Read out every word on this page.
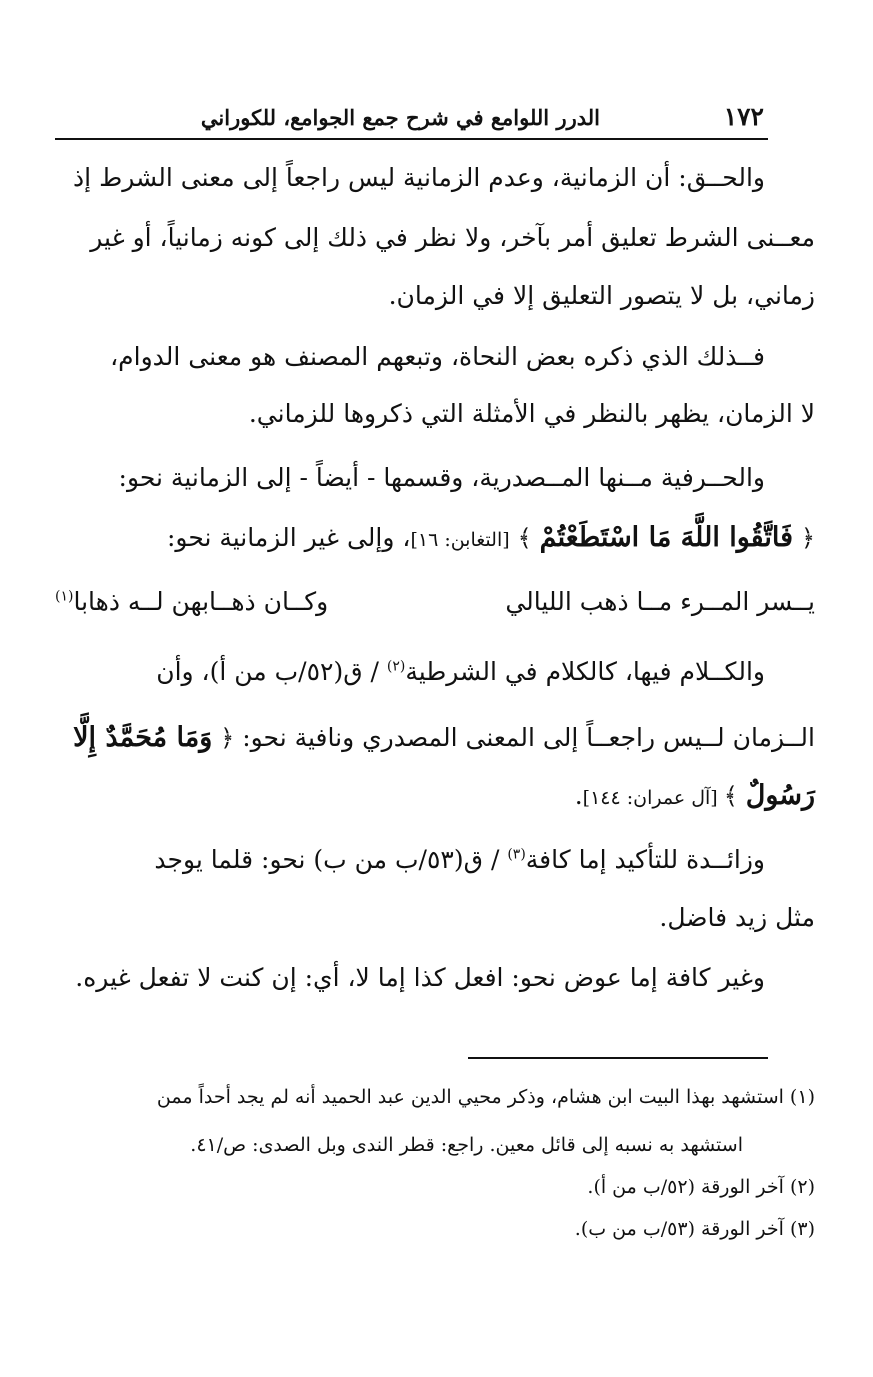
١٧٢
الدرر اللوامع في شرح جمع الجوامع، للكوراني
والحــق: أن الزمانية، وعدم الزمانية ليس راجعاً إلى معنى الشرط إذ
معــنى الشرط تعليق أمر بآخر، ولا نظر في ذلك إلى كونه زمانياً، أو غير
زماني، بل لا يتصور التعليق إلا في الزمان.
فــذلك الذي ذكره بعض النحاة، وتبعهم المصنف هو معنى الدوام،
لا الزمان، يظهر بالنظر في الأمثلة التي ذكروها للزماني.
والحــرفية مــنها المــصدرية، وقسمها - أيضاً - إلى الزمانية نحو:
﴿ فَاتَّقُوا اللَّهَ مَا اسْتَطَعْتُمْ ﴾ [التغابن: ١٦]، وإلى غير الزمانية نحو:
يــسر المــرء مــا ذهب الليالي
وكــان ذهــابهن لــه ذهابا$^{(١)}$
والكــلام فيها، كالكلام في الشرطية$^{(٢)}$ / ق(٥٢/ب من أ)، وأن
الــزمان لــيس راجعــاً إلى المعنى المصدري ونافية نحو: ﴿ وَمَا مُحَمَّدٌ إِلَّا
رَسُولٌ ﴾ [آل عمران: ١٤٤].
وزائــدة للتأكيد إما كافة$^{(٣)}$ / ق(٥٣/ب من ب) نحو: قلما يوجد
مثل زيد فاضل.
وغير كافة إما عوض نحو: افعل كذا إما لا، أي: إن كنت لا تفعل غيره.
(١) استشهد بهذا البيت ابن هشام، وذكر محيي الدين عبد الحميد أنه لم يجد أحداً ممن
استشهد به نسبه إلى قائل معين. راجع: قطر الندى وبل الصدى: ص/٤١.
(٢) آخر الورقة (٥٢/ب من أ).
(٣) آخر الورقة (٥٣/ب من ب).
